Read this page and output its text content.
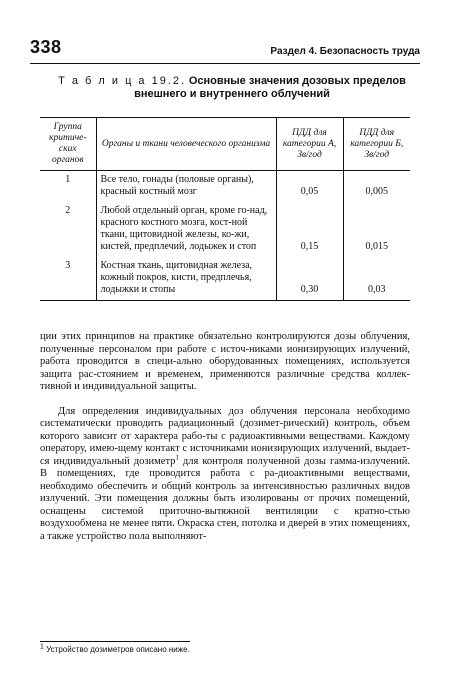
338	Раздел 4. Безопасность труда
Т а б л и ц а 19.2. Основные значения дозовых пределов внешнего и внутреннего облучений
Группа критиче-ских органов	Органы и ткани человеческого организма	ПДД для категории А, Зв/год	ПДД для категории Б, Зв/год
1	Все тело, гонады (половые органы), красный костный мозг	0,05	0,005
2	Любой отдельный орган, кроме го-над, красного костного мозга, кост-ной ткани, щитовидной железы, ко-жи, кистей, предплечий, лодыжек и стоп	0,15	0,015
3	Костная ткань, щитовидная железа, кожный покров, кисти, предплечья, лодыжки и стопы	0,30	0,03

ции этих принципов на практике обязательно контролируются дозы облучения, полученные персоналом при работе с источ-никами ионизирующих излучений, работа проводится в специ-ально оборудованных помещениях, используется защита рас-стоянием и временем, применяются различные средства коллек-тивной и индивидуальной защиты.

Для определения индивидуальных доз облучения персонала необходимо систематически проводить радиационный (дозимет-рический) контроль, объем которого зависит от характера рабо-ты с радиоактивными веществами. Каждому оператору, имею-щему контакт с источниками ионизирующих излучений, выдает-ся индивидуальный дозиметр$^1$ для контроля полученной дозы гамма-излучений. В помещениях, где проводится работа с ра-диоактивными веществами, необходимо обеспечить и общий контроль за интенсивностью различных видов излучений. Эти помещения должны быть изолированы от прочих помещений, оснащены системой приточно-вытяжной вентиляции с кратно-стью воздухообмена не менее пяти. Окраска стен, потолка и дверей в этих помещениях, а также устройство пола выполняют-

$^1$ Устройство дозиметров описано ниже.
